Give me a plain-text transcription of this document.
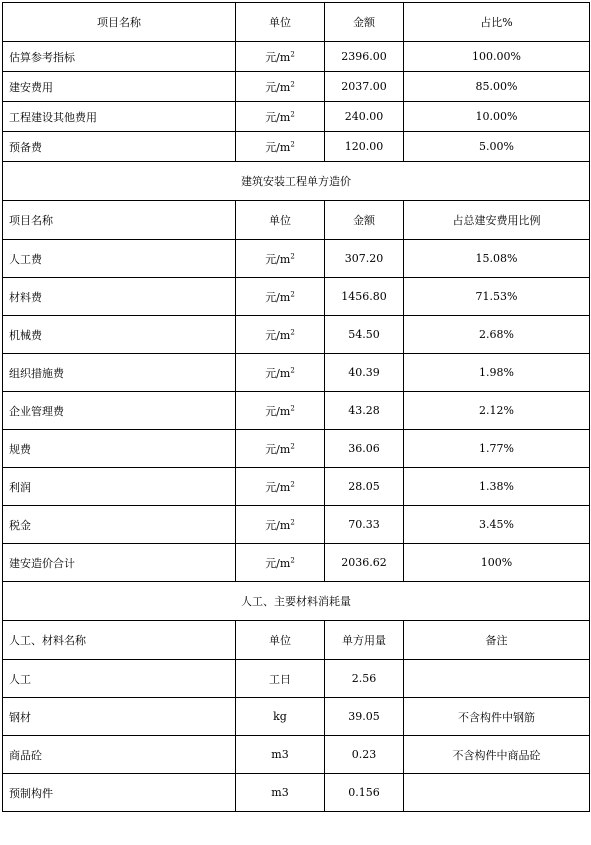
项目名称	单位	金额	占比%
估算参考指标	元$/m^2$	2396.00	100.00%
建安费用	元$/m^2$	2037.00	85.00%
工程建设其他费用	元$/m^2$	240.00	10.00%
预备费	元$/m^2$	120.00	5.00%
建筑安装工程单方造价			
项目名称	单位	金额	占总建安费用比例
人工费	元$/m^2$	307.20	15.08%
材料费	元$/m^2$	1456.80	71.53%
机械费	元$/m^2$	54.50	2.68%
组织措施费	元$/m^2$	40.39	1.98%
企业管理费	元$/m^2$	43.28	2.12%
规费	元$/m^2$	36.06	1.77%
利润	元$/m^2$	28.05	1.38%
税金	元$/m^2$	70.33	3.45%
建安造价合计	元$/m^2$	2036.62	100%
人工、主要材料消耗量			
人工、材料名称	单位	单方用量	备注
人工	工日	2.56	
钢材	kg	39.05	不含构件中钢筋
商品砼	m3	0.23	不含构件中商品砼
预制构件	m3	0.156	
